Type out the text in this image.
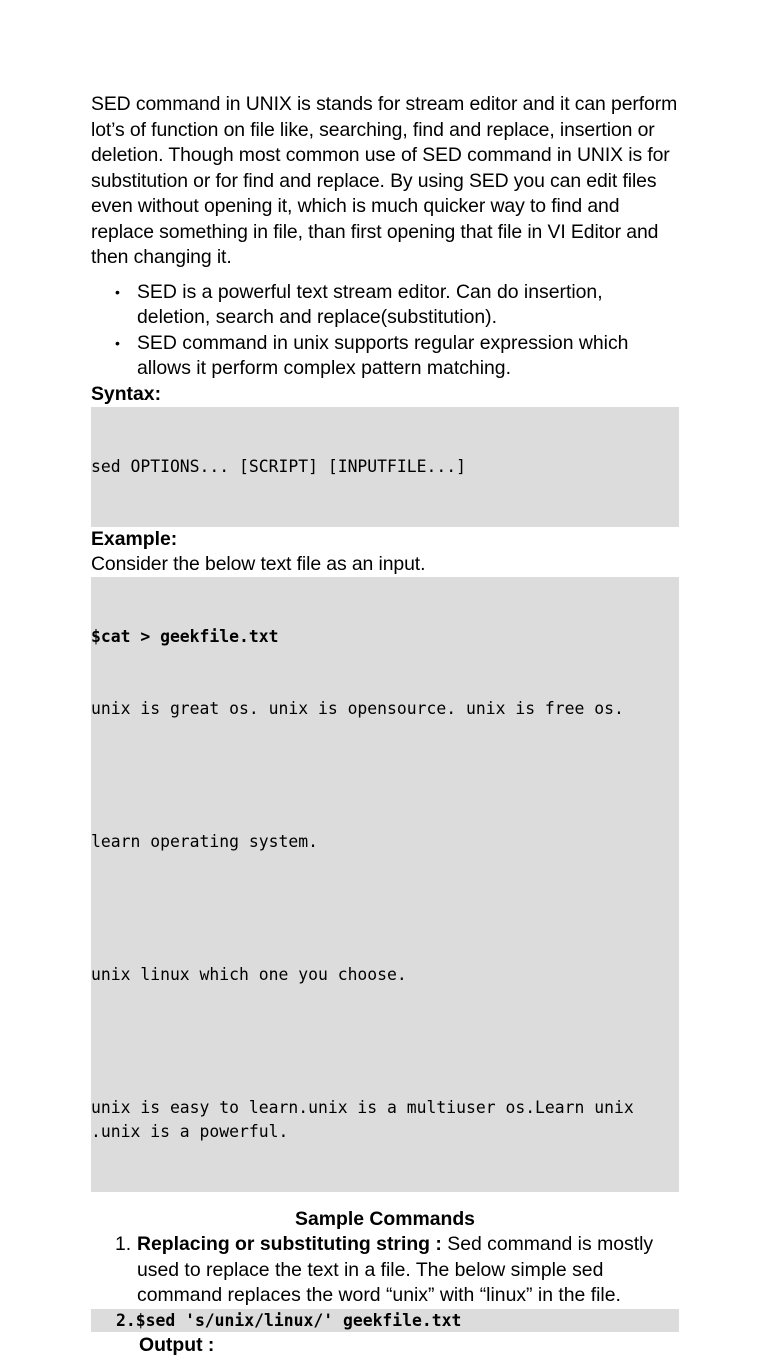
SED command in UNIX is stands for stream editor and it can perform lot’s of function on file like, searching, find and replace, insertion or deletion. Though most common use of SED command in UNIX is for substitution or for find and replace. By using SED you can edit files even without opening it, which is much quicker way to find and replace something in file, than first opening that file in VI Editor and then changing it.

• SED is a powerful text stream editor. Can do insertion, deletion, search and replace(substitution).
• SED command in unix supports regular expression which allows it perform complex pattern matching.

Syntax:

sed OPTIONS... [SCRIPT] [INPUTFILE...]

Example:

Consider the below text file as an input.

$cat > geekfile.txt

unix is great os. unix is opensource. unix is free os.

learn operating system.

unix linux which one you choose.

unix is easy to learn.unix is a multiuser os.Learn unix .unix is a powerful.

Sample Commands

1. Replacing or substituting string : Sed command is mostly used to replace the text in a file. The below simple sed command replaces the word “unix” with “linux” in the file.
2.$sed 's/unix/linux/' geekfile.txt
Output :
